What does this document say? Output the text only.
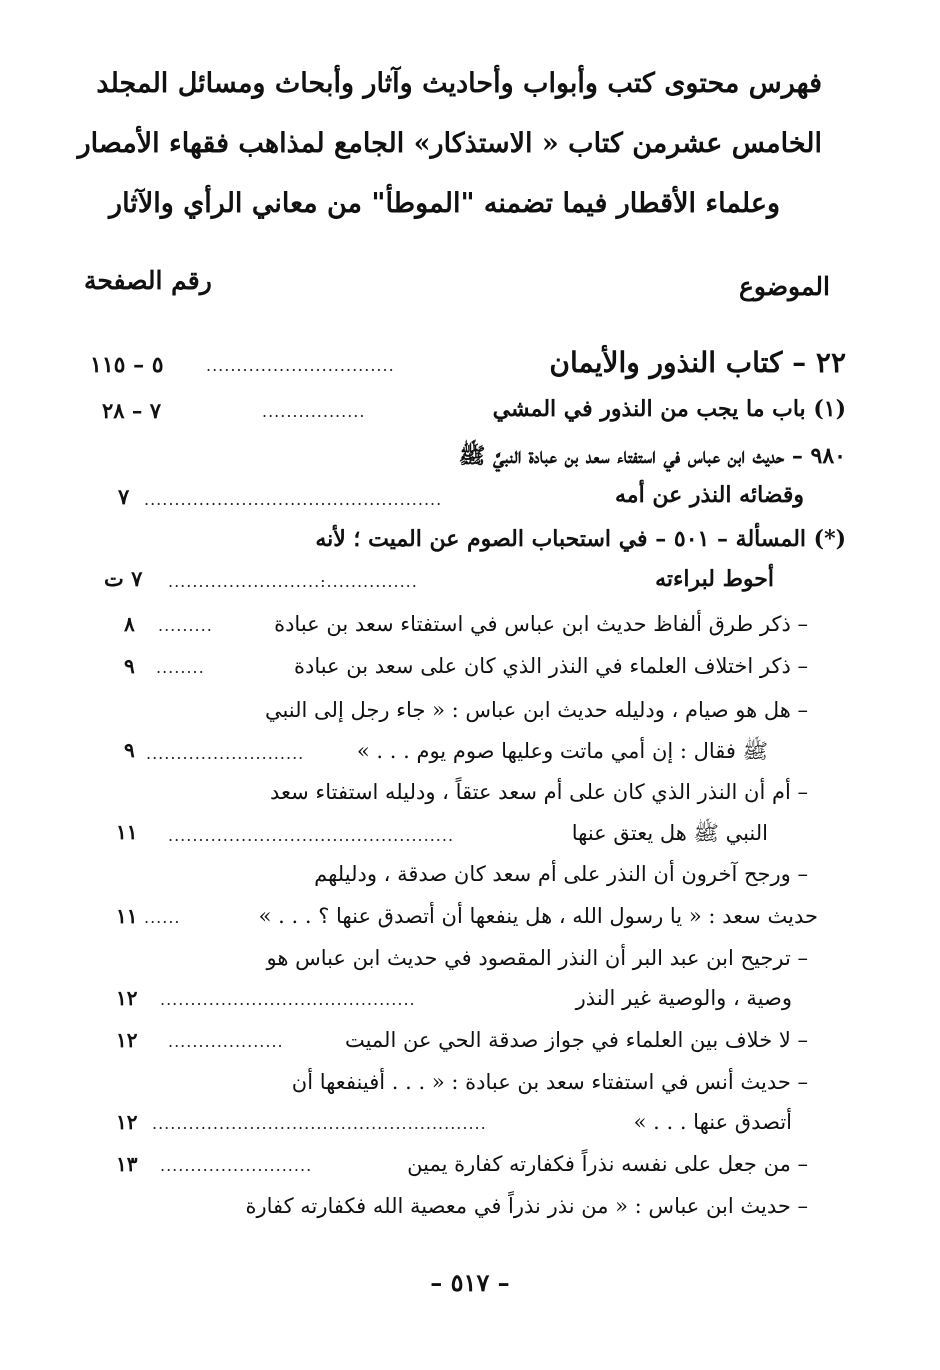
فهرس محتوى كتب وأبواب وأحاديث وآثار وأبحاث ومسائل المجلد
الخامس عشرمن كتاب « الاستذكار» الجامع لمذاهب فقهاء الأمصار
وعلماء الأقطار فيما تضمنه "الموطأ" من معاني الرأي والآثار
الموضوع
رقم الصفحة
٢٢ – كتاب النذور والأيمان
...............................
٥ – ١١٥
(١) باب ما يجب من النذور في المشي
.................
٧ – ٢٨
٩٨٠ – حديث ابن عباس في استفتاء سعد بن عبادة النبيَّ ﷺ
وقضائه النذر عن أمه
.................................................
٧
(*) المسألة – ٥٠١ – في استحباب الصوم عن الميت ؛ لأنه
أحوط لبراءته
...............:.........................
٧ ت
– ذكر طرق ألفاظ حديث ابن عباس في استفتاء سعد بن عبادة
.........
٨
– ذكر اختلاف العلماء في النذر الذي كان على سعد بن عبادة
........
٩
– هل هو صيام ، ودليله حديث ابن عباس : « جاء رجل إلى النبي
ﷺ فقال : إن أمي ماتت وعليها صوم يوم . . . »
..........................
٩
– أم أن النذر الذي كان على أم سعد عتقاً ، ودليله استفتاء سعد
النبي ﷺ هل يعتق عنها
...............................................
١١
– ورجح آخرون أن النذر على أم سعد كان صدقة ، ودليلهم
حديث سعد : « يا رسول الله ، هل ينفعها أن أتصدق عنها ؟ . . . »
......
١١
– ترجيح ابن عبد البر أن النذر المقصود في حديث ابن عباس هو
وصية ، والوصية غير النذر
..........................................
١٢
– لا خلاف بين العلماء في جواز صدقة الحي عن الميت
...................
١٢
– حديث أنس في استفتاء سعد بن عبادة : « . . . أفينفعها أن
أتصدق عنها . . . »
.......................................................
١٢
– من جعل على نفسه نذراً فكفارته كفارة يمين
.........................
١٣
– حديث ابن عباس : « من نذر نذراً في معصية الله فكفارته كفارة
– ٥١٧ –
